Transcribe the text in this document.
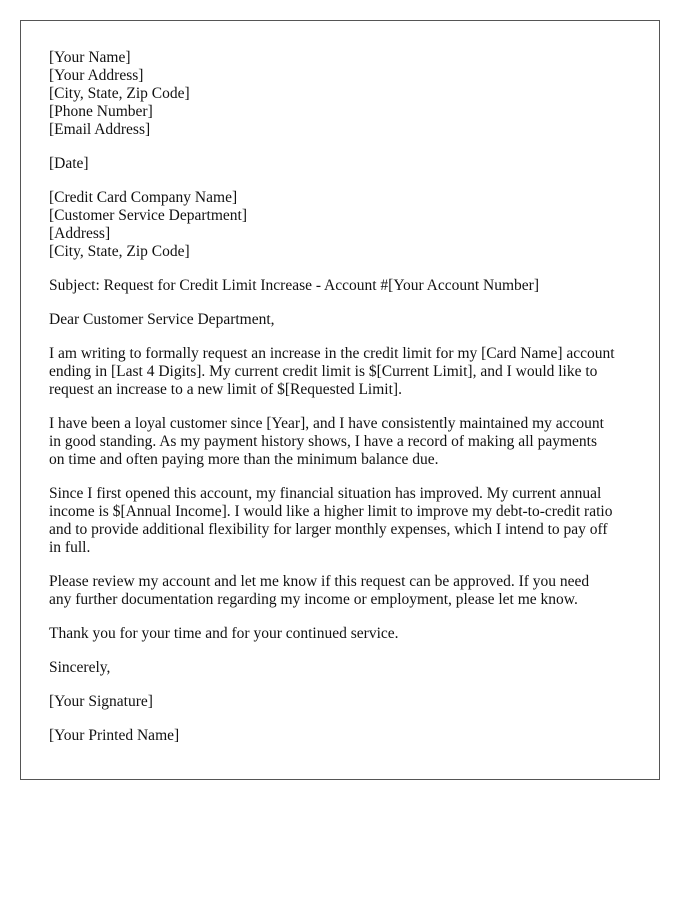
[Your Name]
[Your Address]
[City, State, Zip Code]
[Phone Number]
[Email Address]
[Date]
[Credit Card Company Name]
[Customer Service Department]
[Address]
[City, State, Zip Code]
Subject: Request for Credit Limit Increase - Account #[Your Account Number]
Dear Customer Service Department,
I am writing to formally request an increase in the credit limit for my [Card Name] account
ending in [Last 4 Digits]. My current credit limit is $[Current Limit], and I would like to
request an increase to a new limit of $[Requested Limit].
I have been a loyal customer since [Year], and I have consistently maintained my account
in good standing. As my payment history shows, I have a record of making all payments
on time and often paying more than the minimum balance due.
Since I first opened this account, my financial situation has improved. My current annual
income is $[Annual Income]. I would like a higher limit to improve my debt-to-credit ratio
and to provide additional flexibility for larger monthly expenses, which I intend to pay off
in full.
Please review my account and let me know if this request can be approved. If you need
any further documentation regarding my income or employment, please let me know.
Thank you for your time and for your continued service.
Sincerely,
[Your Signature]
[Your Printed Name]
